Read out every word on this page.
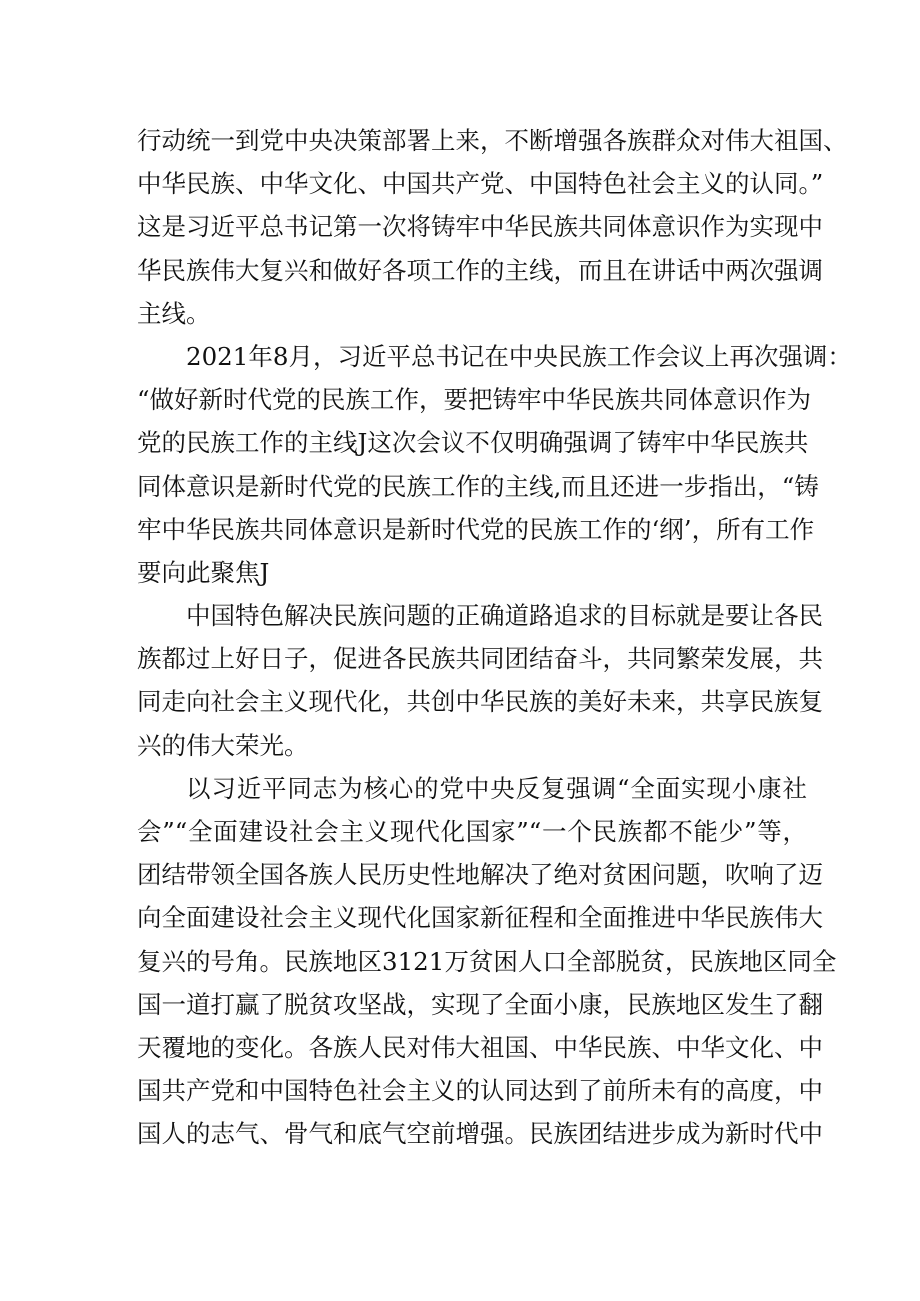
行动统一到党中央决策部署上来，不断增强各族群众对伟大祖国、
中华民族、中华文化、中国共产党、中国特色社会主义的认同。”
这是习近平总书记第一次将铸牢中华民族共同体意识作为实现中
华民族伟大复兴和做好各项工作的主线，而且在讲话中两次强调
主线。
2021年8月，习近平总书记在中央民族工作会议上再次强调：
“做好新时代党的民族工作，要把铸牢中华民族共同体意识作为
党的民族工作的主线J这次会议不仅明确强调了铸牢中华民族共
同体意识是新时代党的民族工作的主线,而且还进一步指出，“铸
牢中华民族共同体意识是新时代党的民族工作的‘纲’，所有工作
要向此聚焦J
中国特色解决民族问题的正确道路追求的目标就是要让各民
族都过上好日子，促进各民族共同团结奋斗，共同繁荣发展，共
同走向社会主义现代化，共创中华民族的美好未来，共享民族复
兴的伟大荣光。
以习近平同志为核心的党中央反复强调“全面实现小康社
会”“全面建设社会主义现代化国家”“一个民族都不能少”等，
团结带领全国各族人民历史性地解决了绝对贫困问题，吹响了迈
向全面建设社会主义现代化国家新征程和全面推进中华民族伟大
复兴的号角。民族地区3121万贫困人口全部脱贫，民族地区同全
国一道打赢了脱贫攻坚战，实现了全面小康，民族地区发生了翻
天覆地的变化。各族人民对伟大祖国、中华民族、中华文化、中
国共产党和中国特色社会主义的认同达到了前所未有的高度，中
国人的志气、骨气和底气空前增强。民族团结进步成为新时代中
